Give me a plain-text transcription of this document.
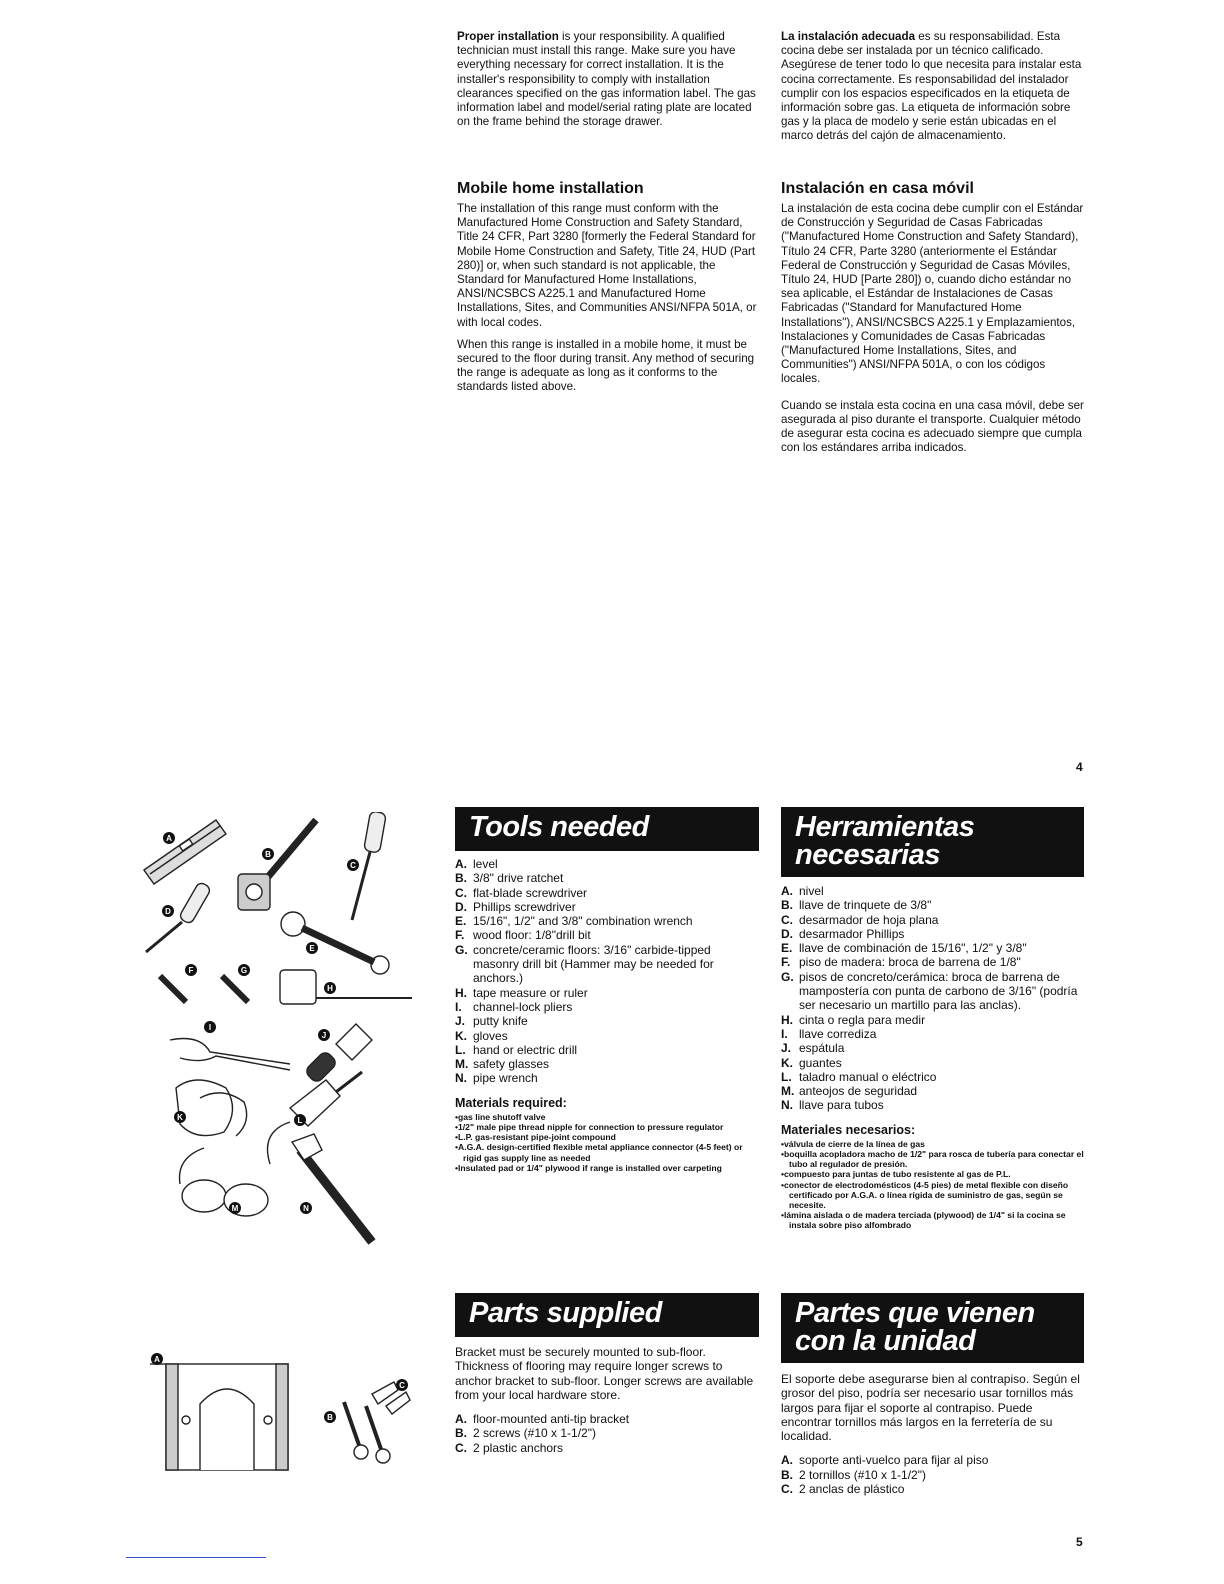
Proper installation is your responsibility. A qualified technician must install this range. Make sure you have everything necessary for correct installation. It is the installer's responsibility to comply with installation clearances specified on the gas information label. The gas information label and model/serial rating plate are located on the frame behind the storage drawer.

La instalación adecuada es su responsabilidad. Esta cocina debe ser instalada por un técnico calificado. Asegúrese de tener todo lo que necesita para instalar esta cocina correctamente. Es responsabilidad del instalador cumplir con los espacios especificados en la etiqueta de información sobre gas. La etiqueta de información sobre gas y la placa de modelo y serie están ubicadas en el marco detrás del cajón de almacenamiento.

Mobile home installation

The installation of this range must conform with the Manufactured Home Construction and Safety Standard, Title 24 CFR, Part 3280 [formerly the Federal Standard for Mobile Home Construction and Safety, Title 24, HUD (Part 280)] or, when such standard is not applicable, the Standard for Manufactured Home Installations, ANSI/NCSBCS A225.1 and Manufactured Home Installations, Sites, and Communities ANSI/NFPA 501A, or with local codes.

When this range is installed in a mobile home, it must be secured to the floor during transit. Any method of securing the range is adequate as long as it conforms to the standards listed above.

Instalación en casa móvil

La instalación de esta cocina debe cumplir con el Estándar de Construcción y Seguridad de Casas Fabricadas ("Manufactured Home Construction and Safety Standard), Título 24 CFR, Parte 3280 (anteriormente el Estándar Federal de Construcción y Seguridad de Casas Móviles, Título 24, HUD [Parte 280]) o, cuando dicho estándar no sea aplicable, el Estándar de Instalaciones de Casas Fabricadas ("Standard for Manufactured Home Installations"), ANSI/NCSBCS A225.1 y Emplazamientos, Instalaciones y Comunidades de Casas Fabricadas ("Manufactured Home Installations, Sites, and Communities") ANSI/NFPA 501A, o con los códigos locales.

Cuando se instala esta cocina en una casa móvil, debe ser asegurada al piso durante el transporte. Cualquier método de asegurar esta cocina es adecuado siempre que cumpla con los estándares arriba indicados.

4
Tools needed
A. level
B. 3/8" drive ratchet
C. flat-blade screwdriver
D. Phillips screwdriver
E. 15/16", 1/2" and 3/8" combination wrench
F. wood floor: 1/8"drill bit
G. concrete/ceramic floors: 3/16" carbide-tipped masonry drill bit (Hammer may be needed for anchors.)
H. tape measure or ruler
I. channel-lock pliers
J. putty knife
K. gloves
L. hand or electric drill
M. safety glasses
N. pipe wrench
Materials required:
• gas line shutoff valve
• 1/2" male pipe thread nipple for connection to pressure regulator
• L.P. gas-resistant pipe-joint compound
• A.G.A. design-certified flexible metal appliance connector (4-5 feet) or rigid gas supply line as needed
• Insulated pad or 1/4" plywood if range is installed over carpeting
Herramientas
necesarias
A. nivel
B. llave de trinquete de 3/8"
C. desarmador de hoja plana
D. desarmador Phillips
E. llave de combinación de 15/16", 1/2" y 3/8"
F. piso de madera: broca de barrena de 1/8"
G. pisos de concreto/cerámica: broca de barrena de mampostería con punta de carbono de 3/16" (podría ser necesario un martillo para las anclas).
H. cinta o regla para medir
I. llave corrediza
J. espátula
K. guantes
L. taladro manual o eléctrico
M. anteojos de seguridad
N. llave para tubos
Materiales necesarios:
• válvula de cierre de la línea de gas
• boquilla acopladora macho de 1/2" para rosca de tubería para conectar el tubo al regulador de presión.
• compuesto para juntas de tubo resistente al gas de P.L.
• conector de electrodomésticos (4-5 pies) de metal flexible con diseño certificado por A.G.A. o línea rígida de suministro de gas, según se necesite.
• lámina aislada o de madera terciada (plywood) de 1/4" si la cocina se instala sobre piso alfombrado
A
B
C
D
E
F	G
H
I
J
K	L
M	N
Parts supplied

Bracket must be securely mounted to sub-floor. Thickness of flooring may require longer screws to anchor bracket to sub-floor. Longer screws are available from your local hardware store.

A. floor-mounted anti-tip bracket
B. 2 screws (#10 x 1-1/2")
C. 2 plastic anchors
Partes que vienen
con la unidad

El soporte debe asegurarse bien al contrapiso. Según el grosor del piso, podría ser necesario usar tornillos más largos para fijar el soporte al contrapiso. Puede encontrar tornillos más largos en la ferretería de su localidad.

A. soporte anti-vuelco para fijar al piso
B. 2 tornillos (#10 x 1-1/2")
C. 2 anclas de plástico
A
B
C
5
